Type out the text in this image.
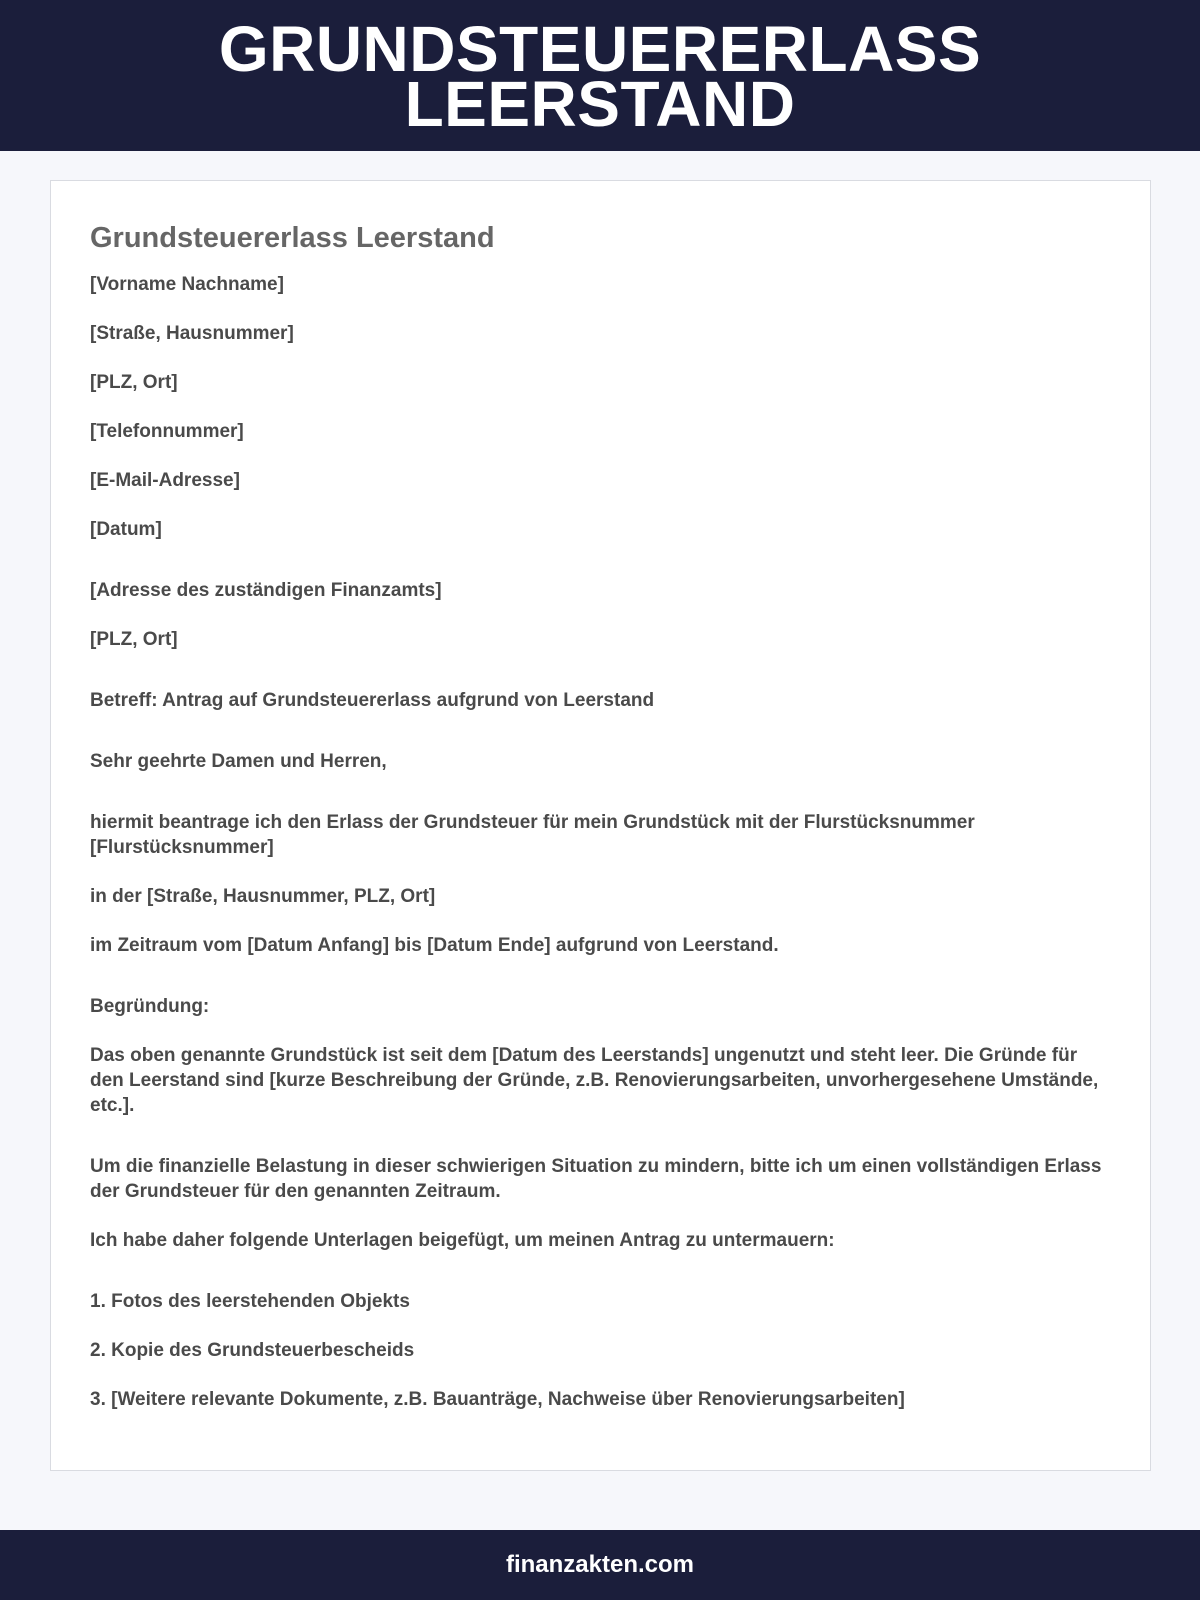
GRUNDSTEUERERLASS LEERSTAND
Grundsteuererlass Leerstand
[Vorname Nachname]
[Straße, Hausnummer]
[PLZ, Ort]
[Telefonnummer]
[E-Mail-Adresse]
[Datum]
[Adresse des zuständigen Finanzamts]
[PLZ, Ort]
Betreff: Antrag auf Grundsteuererlass aufgrund von Leerstand
Sehr geehrte Damen und Herren,
hiermit beantrage ich den Erlass der Grundsteuer für mein Grundstück mit der Flurstücksnummer [Flurstücksnummer]
in der [Straße, Hausnummer, PLZ, Ort]
im Zeitraum vom [Datum Anfang] bis [Datum Ende] aufgrund von Leerstand.
Begründung:
Das oben genannte Grundstück ist seit dem [Datum des Leerstands] ungenutzt und steht leer. Die Gründe für den Leerstand sind [kurze Beschreibung der Gründe, z.B. Renovierungsarbeiten, unvorhergesehene Umstände, etc.].
Um die finanzielle Belastung in dieser schwierigen Situation zu mindern, bitte ich um einen vollständigen Erlass der Grundsteuer für den genannten Zeitraum.
Ich habe daher folgende Unterlagen beigefügt, um meinen Antrag zu untermauern:
1. Fotos des leerstehenden Objekts
2. Kopie des Grundsteuerbescheids
3. [Weitere relevante Dokumente, z.B. Bauanträge, Nachweise über Renovierungsarbeiten]
finanzakten.com
